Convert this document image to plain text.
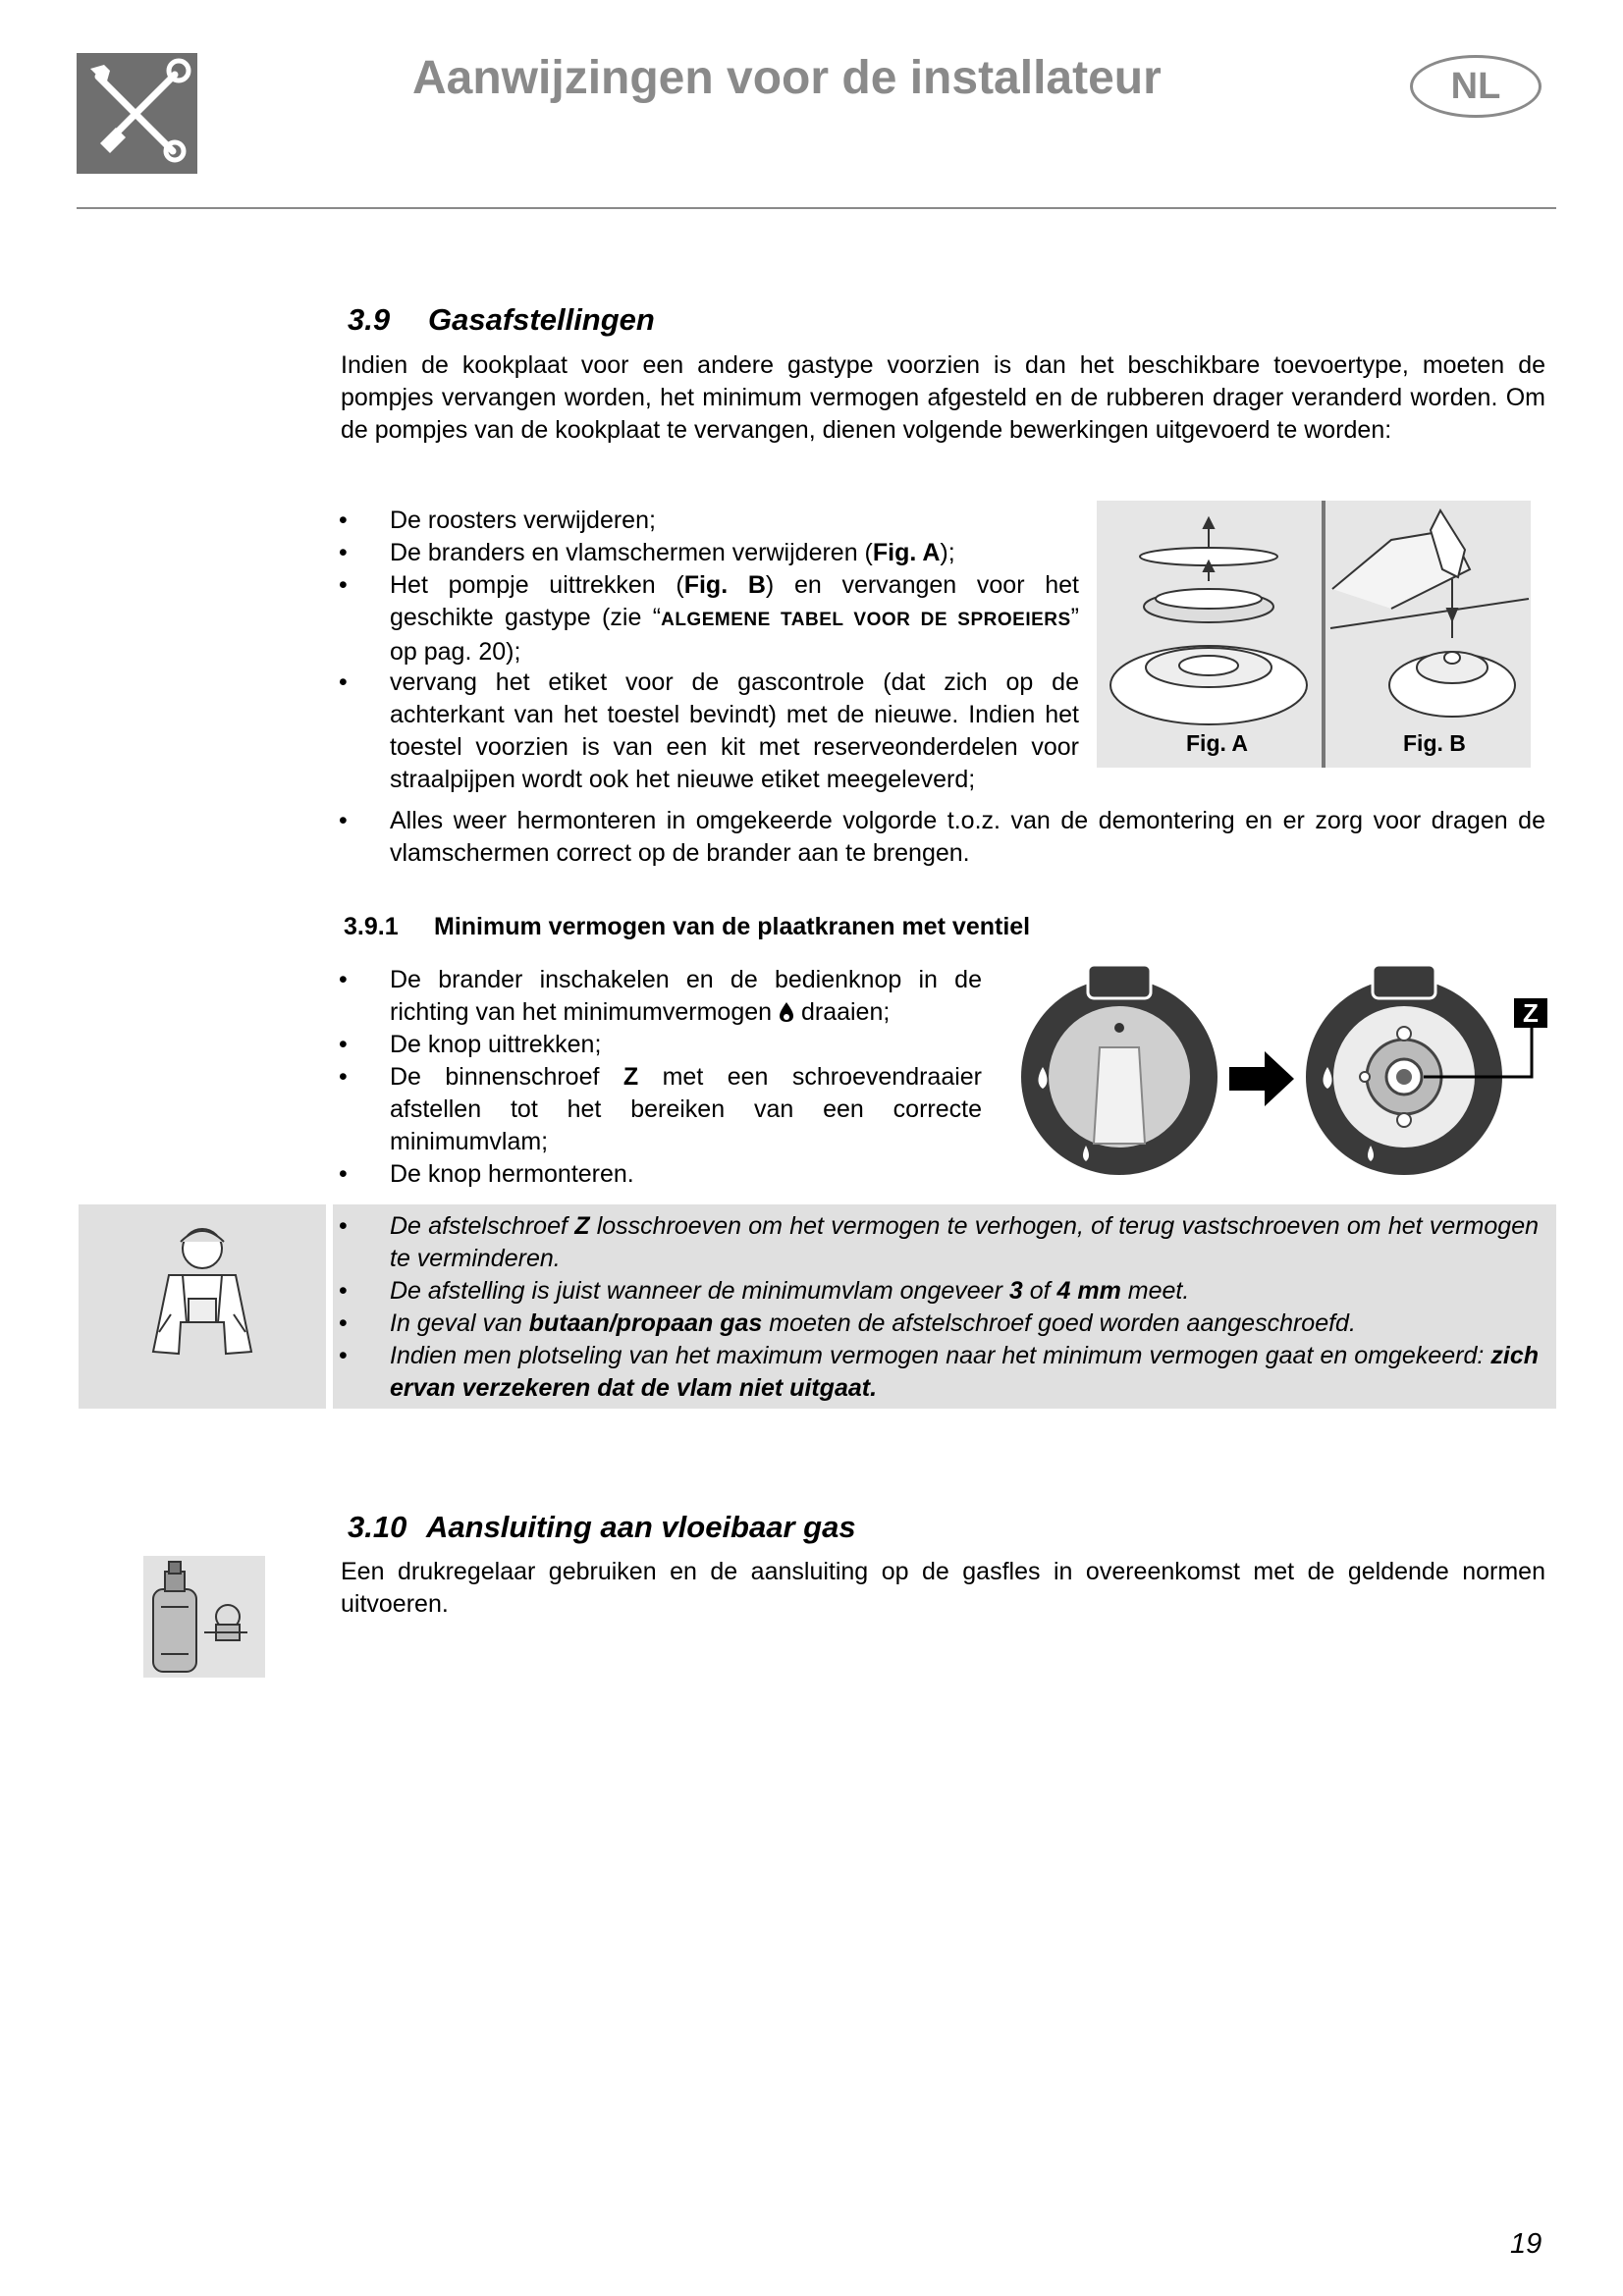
Aanwijzingen voor de installateur	NL
3.9 Gasafstellingen
Indien de kookplaat voor een andere gastype voorzien is dan het beschikbare toevoertype, moeten de pompjes vervangen worden, het minimum vermogen afgesteld en de rubberen drager veranderd worden. Om de pompjes van de kookplaat te vervangen, dienen volgende bewerkingen uitgevoerd te worden:
• De roosters verwijderen;
• De branders en vlamschermen verwijderen (Fig. A);
• Het pompje uittrekken (Fig. B) en vervangen voor het geschikte gastype (zie “ALGEMENE TABEL VOOR DE SPROEIERS” op pag. 20);
• vervang het etiket voor de gascontrole (dat zich op de achterkant van het toestel bevindt) met de nieuwe. Indien het toestel voorzien is van een kit met reserveonderdelen voor straalpijpen wordt ook het nieuwe etiket meegeleverd;
Fig. A	Fig. B
• Alles weer hermonteren in omgekeerde volgorde t.o.z. van de demontering en er zorg voor dragen de vlamschermen correct op de brander aan te brengen.
3.9.1 Minimum vermogen van de plaatkranen met ventiel
• De brander inschakelen en de bedienknop in de richting van het minimumvermogen draaien;
• De knop uittrekken;
• De binnenschroef Z met een schroevendraaier afstellen tot het bereiken van een correcte minimumvlam;
• De knop hermonteren.
Z
• De afstelschroef Z losschroeven om het vermogen te verhogen, of terug vastschroeven om het vermogen te verminderen.
• De afstelling is juist wanneer de minimumvlam ongeveer 3 of 4 mm meet.
• In geval van butaan/propaan gas moeten de afstelschroef goed worden aangeschroefd.
• Indien men plotseling van het maximum vermogen naar het minimum vermogen gaat en omgekeerd: zich ervan verzekeren dat de vlam niet uitgaat.
3.10 Aansluiting aan vloeibaar gas
Een drukregelaar gebruiken en de aansluiting op de gasfles in overeenkomst met de geldende normen uitvoeren.
19
